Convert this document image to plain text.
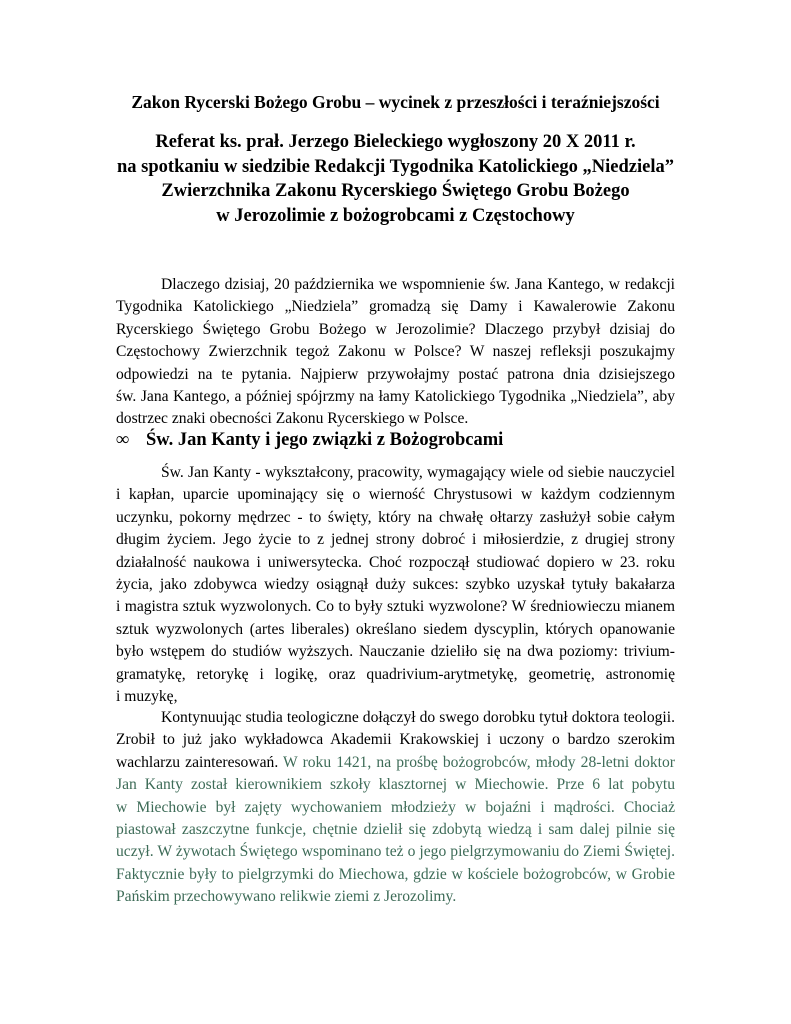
Zakon Rycerski Bożego Grobu – wycinek z przeszłości i teraźniejszości
Referat ks. prał. Jerzego Bieleckiego wygłoszony 20 X 2011 r.
na spotkaniu w siedzibie Redakcji Tygodnika Katolickiego „Niedziela”
Zwierzchnika Zakonu Rycerskiego Świętego Grobu Bożego
w Jerozolimie z bożogrobcami z Częstochowy
Dlaczego dzisiaj, 20 października we wspomnienie św. Jana Kantego, w redakcji
Tygodnika Katolickiego „Niedziela” gromadzą się Damy i Kawalerowie Zakonu
Rycerskiego Świętego Grobu Bożego w Jerozolimie? Dlaczego przybył dzisiaj do
Częstochowy Zwierzchnik tegoż Zakonu w Polsce? W naszej refleksji poszukajmy
odpowiedzi na te pytania. Najpierw przywołajmy postać patrona dnia dzisiejszego
św. Jana Kantego, a później spójrzmy na łamy Katolickiego Tygodnika „Niedziela”, aby
dostrzec znaki obecności Zakonu Rycerskiego w Polsce.
∞ Św. Jan Kanty i jego związki z Bożogrobcami
Św. Jan Kanty - wykształcony, pracowity, wymagający wiele od siebie nauczyciel
i kapłan, uparcie upominający się o wierność Chrystusowi w każdym codziennym
uczynku, pokorny mędrzec - to święty, który na chwałę ołtarzy zasłużył sobie całym
długim życiem. Jego życie to z jednej strony dobroć i miłosierdzie, z drugiej strony
działalność naukowa i uniwersytecka. Choć rozpoczął studiować dopiero w 23. roku
życia, jako zdobywca wiedzy osiągnął duży sukces: szybko uzyskał tytuły bakałarza
i magistra sztuk wyzwolonych. Co to były sztuki wyzwolone? W średniowieczu mianem
sztuk wyzwolonych (artes liberales) określano siedem dyscyplin, których opanowanie
było wstępem do studiów wyższych. Nauczanie dzieliło się na dwa poziomy: trivium-
gramatykę, retorykę i logikę, oraz quadrivium-arytmetykę, geometrię, astronomię
i muzykę,
Kontynuując studia teologiczne dołączył do swego dorobku tytuł doktora teologii.
Zrobił to już jako wykładowca Akademii Krakowskiej i uczony o bardzo szerokim
wachlarzu zainteresowań. W roku 1421, na prośbę bożogrobców, młody 28-letni doktor
Jan Kanty został kierownikiem szkoły klasztornej w Miechowie. Prze 6 lat pobytu
w Miechowie był zajęty wychowaniem młodzieży w bojaźni i mądrości. Chociaż
piastował zaszczytne funkcje, chętnie dzielił się zdobytą wiedzą i sam dalej pilnie się
uczył. W żywotach Świętego wspominano też o jego pielgrzymowaniu do Ziemi Świętej.
Faktycznie były to pielgrzymki do Miechowa, gdzie w kościele bożogrobców, w Grobie
Pańskim przechowywano relikwie ziemi z Jerozolimy.
